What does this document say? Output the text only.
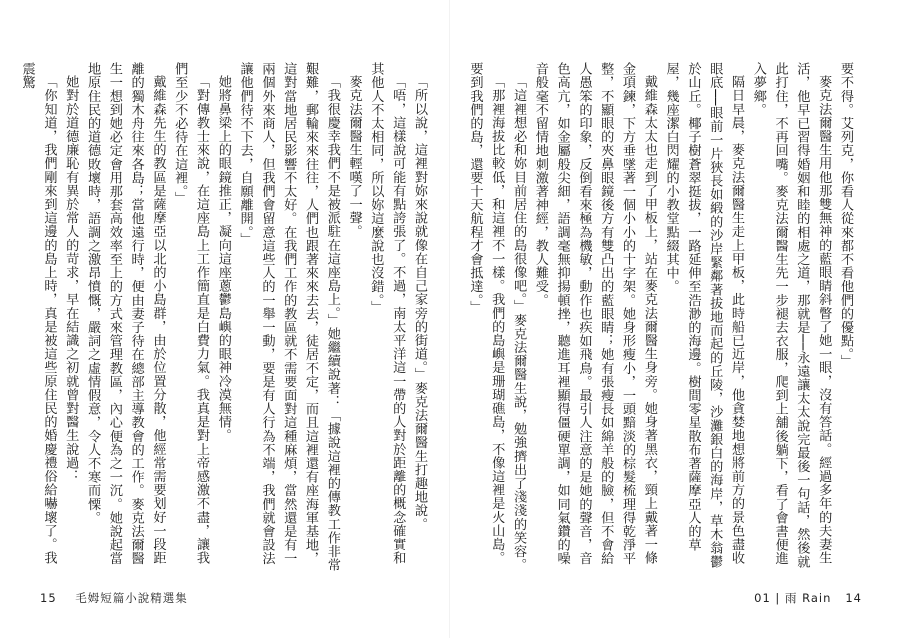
「所以說，這裡對妳來說就像在自己家旁的街道。」麥克法爾醫生打趣地說。

「唔，這樣說可能有點誇張了。不過，南太平洋這一帶的人對於距離的概念確實和其他人不太相同，所以妳這麼說也沒錯。」

麥克法爾醫生輕嘆了一聲。

「我很慶幸我們不是被派駐在這座島上。」她繼續說著：「據說這裡的傳教工作非常艱難，郵輪來來往往，人們也跟著來來去去，徒居不定，而且這裡還有座海軍基地，這對當地居民影響不太好。在我們工作的教區就不需要面對這種麻煩，當然還是有一兩個外來商人，但我們會留意這些人的一舉一動，要是有人行為不端，我們就會設法讓他們待不下去，自願離開。」

她將鼻梁上的眼鏡推正，凝向這座蔥鬱島嶼的眼神冷漠無情。

「對傳教士來說，在這座島上工作簡直是白費力氣。我真是對上帝感激不盡，讓我們至少不必待在這裡。」

戴維森先生的教區是薩摩亞以北的小島群，由於位置分散，他經常需要划好一段距離的獨木舟往來各島；當他遠行時，便由妻子待在總部主導教會的工作。麥克法爾醫生一想到她必定會用那套高效率至上的方式來管理教區，內心便為之一沉。她說起當地原住民的道德敗壞時，語調之激昂憤慨，嚴詞之虛情假意，令人不寒而慄。

她對於道德廉恥有異於常人的苛求，早在結識之初就曾對醫生說過：

「你知道，我們剛來到這邊的島上時，真是被這些原住民的婚慶禮俗給嚇壞了。我震驚

15 毛姆短篇小說精選集

要不得。艾列克，你看人從來都不看他們的優點。」

麥克法爾醫生用他那雙無神的藍眼睛斜瞥了她一眼，沒有答話。經過多年的夫妻生活，他早已習得婚姻和睦的相處之道，那就是──永遠讓太太說完最後一句話，然後就此打住，不再回嘴。麥克法爾醫生先一步褪去衣服，爬到上舖後躺下，看了會書便進入夢鄉。

隔日早晨，麥克法爾醫生走上甲板，此時船已近岸，他貪婪地想將前方的景色盡收眼底──眼前一片狹長如緞的沙岸緊鄰著拔地而起的丘陵，沙灘銀白的海岸，草木翁鬱於山丘。椰子樹蒼翠挺拔，一路延伸至浩渺的海邊。樹間零星散布著薩摩亞人的草屋，幾座潔白閃耀的小教堂點綴其中。

戴維森太太也走到了甲板上，站在麥克法爾醫生身旁。她身著黑衣，頸上戴著一條金項鍊，下方垂墜著一個小小的十字架。她身形瘦小，一頭黯淡的棕髮梳理得乾淨平整，不顯眼的夾鼻眼鏡後方有雙凸出的藍眼睛；她有張瘦長如綿羊般的臉，但不會給人愚笨的印象，反倒看來極為機敏，動作也疾如飛鳥。最引人注意的是她的聲音，音色高亢，如金屬般尖細，語調毫無抑揚頓挫，聽進耳裡顯得僵硬單調，如同氣鑽的噪音般毫不留情地刺激著神經，教人難受。

「這裡想必和妳目前居住的島很像吧。」麥克法爾醫生說，勉強擠出了淺淺的笑容。

「那裡海拔比較低，和這裡不一樣。我們的島嶼是珊瑚礁島，不像這裡是火山島。要到我們的島，還要十天航程才會抵達。」

01 | 雨 Rain 14
